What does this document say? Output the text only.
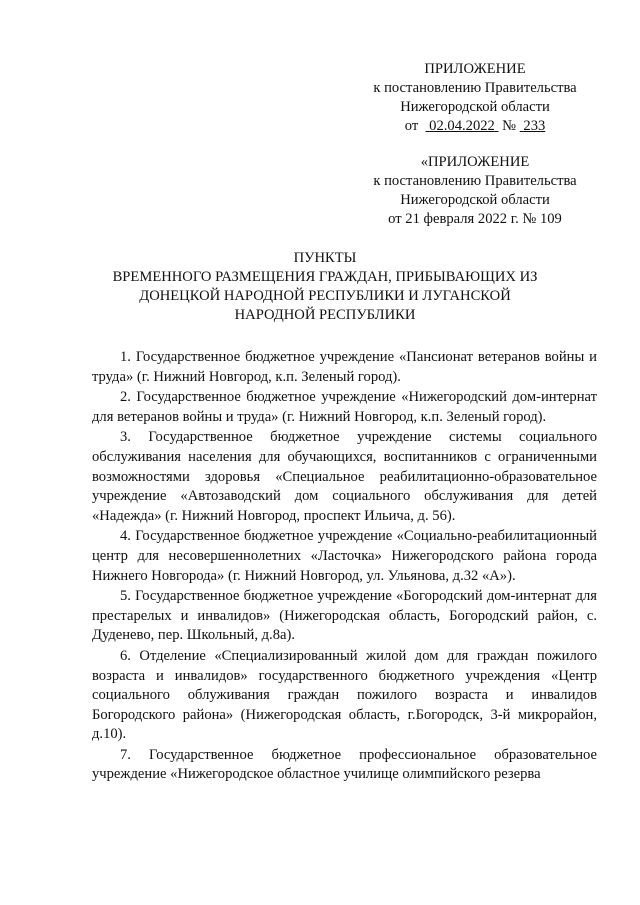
ПРИЛОЖЕНИЕ
к постановлению Правительства
Нижегородской области
от 02.04.2022 № 233
«ПРИЛОЖЕНИЕ
к постановлению Правительства
Нижегородской области
от 21 февраля 2022 г. № 109
ПУНКТЫ
ВРЕМЕННОГО РАЗМЕЩЕНИЯ ГРАЖДАН, ПРИБЫВАЮЩИХ ИЗ
ДОНЕЦКОЙ НАРОДНОЙ РЕСПУБЛИКИ И ЛУГАНСКОЙ
НАРОДНОЙ РЕСПУБЛИКИ

1. Государственное бюджетное учреждение «Пансионат ветеранов войны и труда» (г. Нижний Новгород, к.п. Зеленый город).

2. Государственное бюджетное учреждение «Нижегородский дом-интернат для ветеранов войны и труда» (г. Нижний Новгород, к.п. Зеленый город).

3. Государственное бюджетное учреждение системы социального обслуживания населения для обучающихся, воспитанников с ограниченными возможностями здоровья «Специальное реабилитационно-образовательное учреждение «Автозаводский дом социального обслуживания для детей «Надежда» (г. Нижний Новгород, проспект Ильича, д. 56).

4. Государственное бюджетное учреждение «Социально-реабилитационный центр для несовершеннолетних «Ласточка» Нижегородского района города Нижнего Новгорода» (г. Нижний Новгород, ул. Ульянова, д.32 «А»).

5. Государственное бюджетное учреждение «Богородский дом-интернат для престарелых и инвалидов» (Нижегородская область, Богородский район, с. Дуденево, пер. Школьный, д.8а).

6. Отделение «Специализированный жилой дом для граждан пожилого возраста и инвалидов» государственного бюджетного учреждения «Центр социального облуживания граждан пожилого возраста и инвалидов Богородского района» (Нижегородская область, г.Богородск, 3-й микрорайон, д.10).

7. Государственное бюджетное профессиональное образовательное учреждение «Нижегородское областное училище олимпийского резерва
